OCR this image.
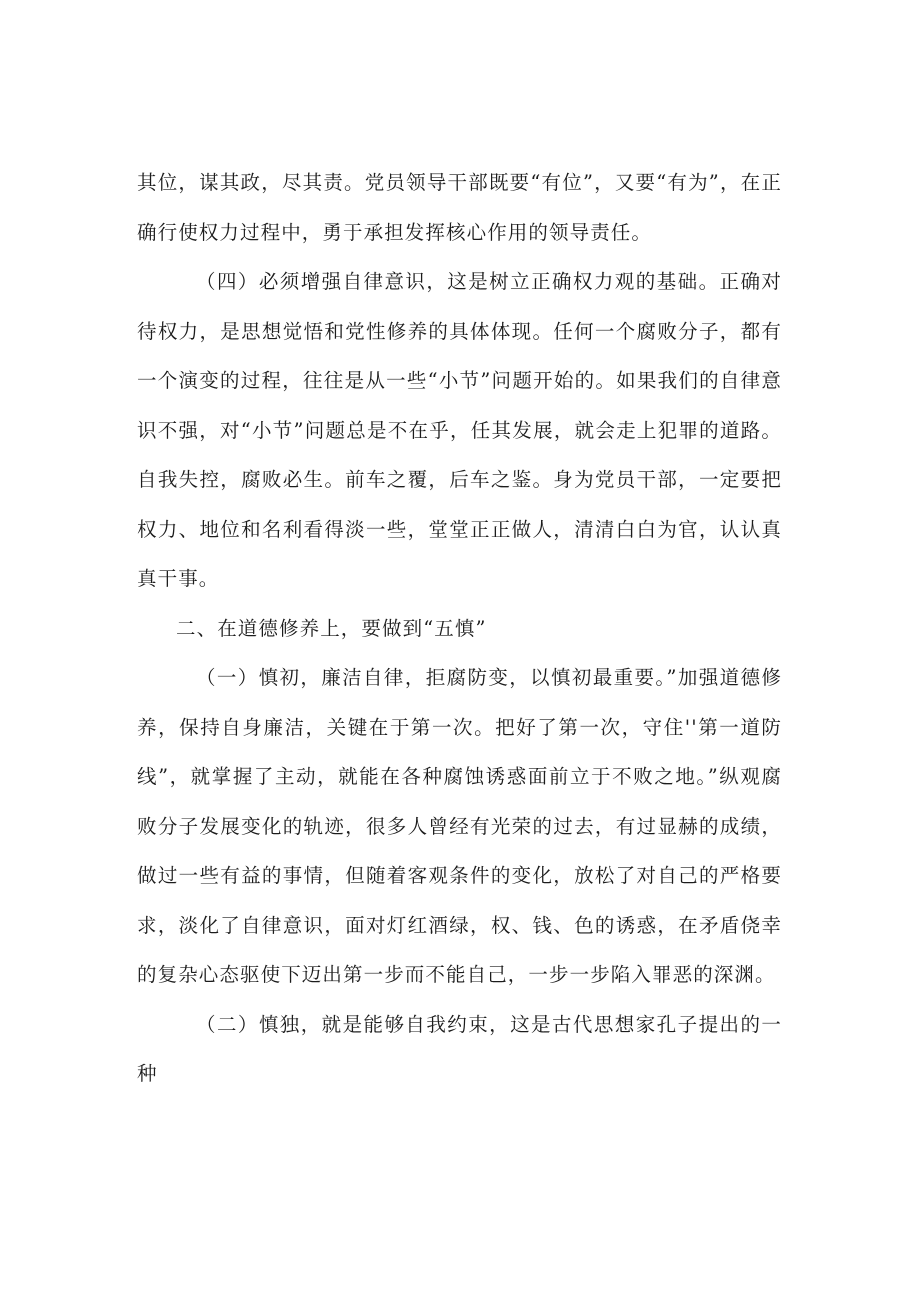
其位，谋其政，尽其责。党员领导干部既要“有位”，又要“有为”，在正确行使权力过程中，勇于承担发挥核心作用的领导责任。

（四）必须增强自律意识，这是树立正确权力观的基础。正确对待权力，是思想觉悟和党性修养的具体体现。任何一个腐败分子，都有一个演变的过程，往往是从一些“小节”问题开始的。如果我们的自律意识不强，对“小节”问题总是不在乎，任其发展，就会走上犯罪的道路。自我失控，腐败必生。前车之覆，后车之鉴。身为党员干部，一定要把权力、地位和名利看得淡一些，堂堂正正做人，清清白白为官，认认真真干事。

二、在道德修养上，要做到“五慎”

（一）慎初，廉洁自律，拒腐防变，以慎初最重要。”加强道德修养，保持自身廉洁，关键在于第一次。把好了第一次，守住''第一道防线”，就掌握了主动，就能在各种腐蚀诱惑面前立于不败之地。”纵观腐败分子发展变化的轨迹，很多人曾经有光荣的过去，有过显赫的成绩，做过一些有益的事情，但随着客观条件的变化，放松了对自己的严格要求，淡化了自律意识，面对灯红酒绿，权、钱、色的诱惑，在矛盾侥幸的复杂心态驱使下迈出第一步而不能自己，一步一步陷入罪恶的深渊。

（二）慎独，就是能够自我约束，这是古代思想家孔子提出的一种
